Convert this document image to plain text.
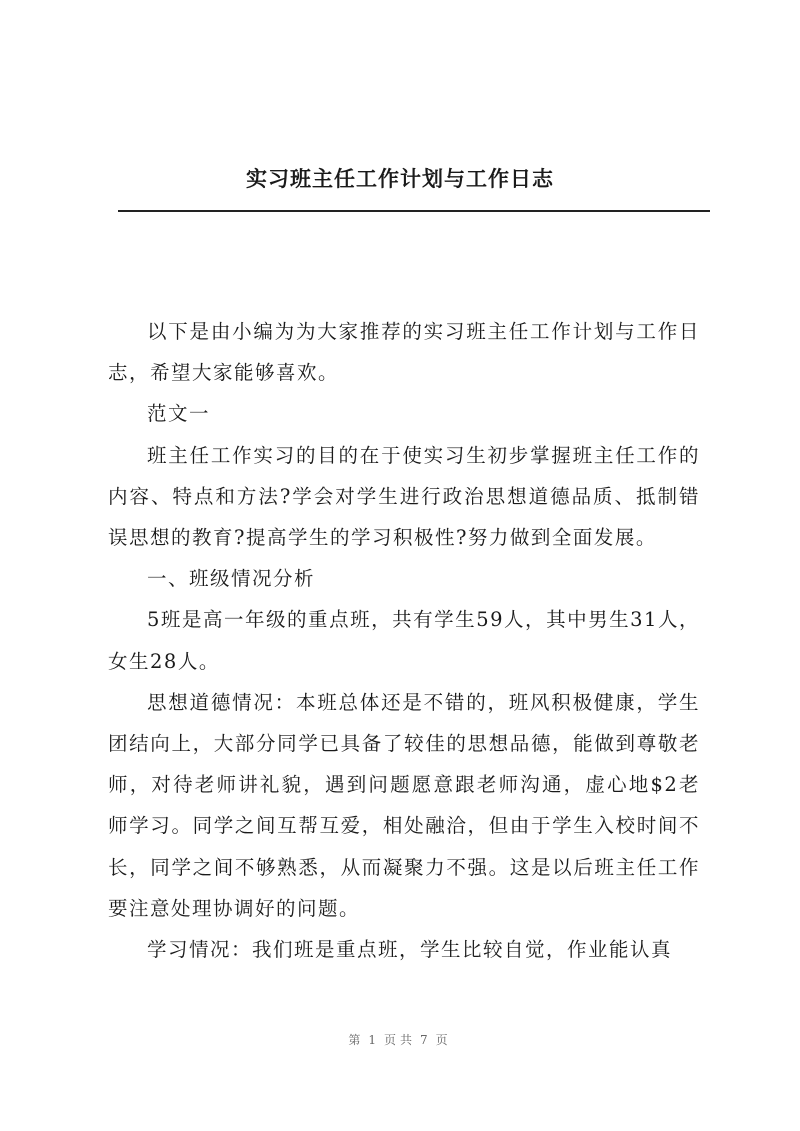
实习班主任工作计划与工作日志

以下是由小编为为大家推荐的实习班主任工作计划与工作日志，希望大家能够喜欢。

范文一

班主任工作实习的目的在于使实习生初步掌握班主任工作的内容、特点和方法?学会对学生进行政治思想道德品质、抵制错误思想的教育?提高学生的学习积极性?努力做到全面发展。

一、班级情况分析

5班是高一年级的重点班，共有学生59人，其中男生31人，女生28人。

思想道德情况：本班总体还是不错的，班风积极健康，学生团结向上，大部分同学已具备了较佳的思想品德，能做到尊敬老师，对待老师讲礼貌，遇到问题愿意跟老师沟通，虚心地$2老师学习。同学之间互帮互爱，相处融洽，但由于学生入校时间不长，同学之间不够熟悉，从而凝聚力不强。这是以后班主任工作要注意处理协调好的问题。

学习情况：我们班是重点班，学生比较自觉，作业能认真

第 1 页共 7 页
